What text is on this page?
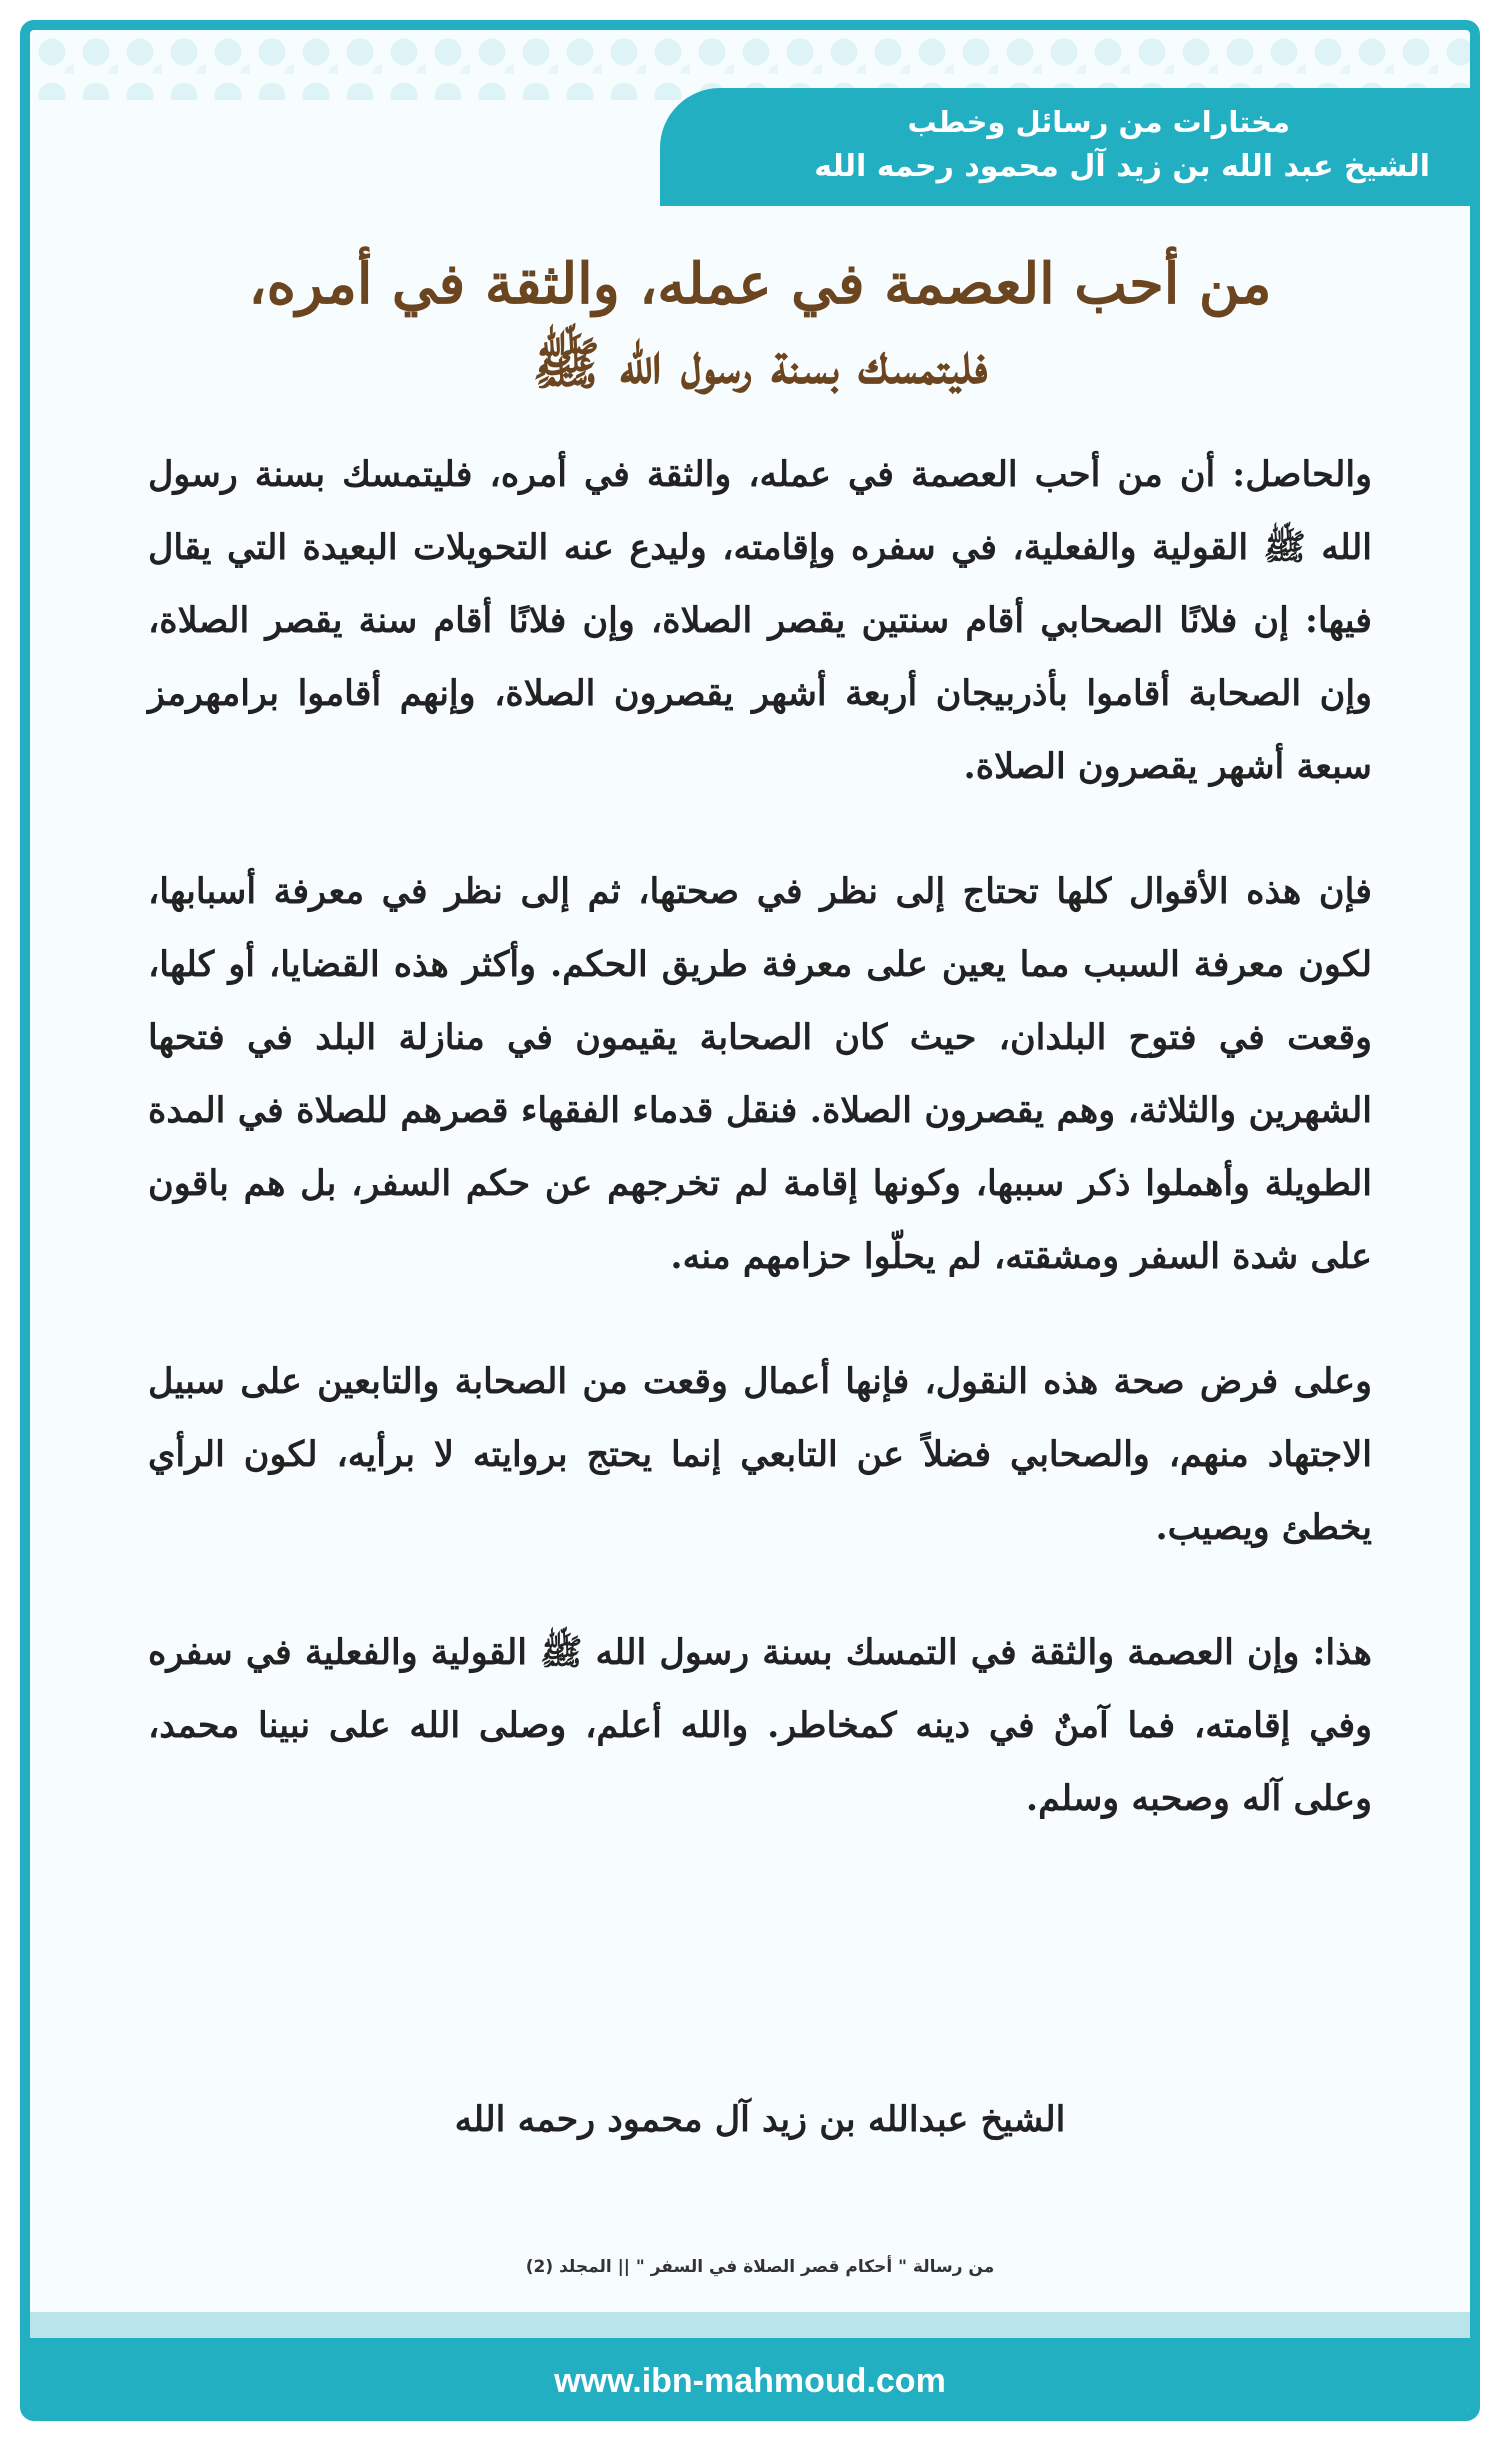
مختارات من رسائل وخطب
الشيخ عبد الله بن زيد آل محمود رحمه الله
من أحب العصمة في عمله، والثقة في أمره،
فليتمسك بسنة رسول الله ﷺ

والحاصل: أن من أحب العصمة في عمله، والثقة في أمره، فليتمسك بسنة رسول الله ﷺ القولية والفعلية، في سفره وإقامته، وليدع عنه التحويلات البعيدة التي يقال فيها: إن فلانًا الصحابي أقام سنتين يقصر الصلاة، وإن فلانًا أقام سنة يقصر الصلاة، وإن الصحابة أقاموا بأذربيجان أربعة أشهر يقصرون الصلاة، وإنهم أقاموا برامهرمز سبعة أشهر يقصرون الصلاة.

فإن هذه الأقوال كلها تحتاج إلى نظر في صحتها، ثم إلى نظر في معرفة أسبابها، لكون معرفة السبب مما يعين على معرفة طريق الحكم. وأكثر هذه القضايا، أو كلها، وقعت في فتوح البلدان، حيث كان الصحابة يقيمون في منازلة البلد في فتحها الشهرين والثلاثة، وهم يقصرون الصلاة. فنقل قدماء الفقهاء قصرهم للصلاة في المدة الطويلة وأهملوا ذكر سببها، وكونها إقامة لم تخرجهم عن حكم السفر، بل هم باقون على شدة السفر ومشقته، لم يحلّوا حزامهم منه.

وعلى فرض صحة هذه النقول، فإنها أعمال وقعت من الصحابة والتابعين على سبيل الاجتهاد منهم، والصحابي فضلاً عن التابعي إنما يحتج بروايته لا برأيه، لكون الرأي يخطئ ويصيب.

هذا: وإن العصمة والثقة في التمسك بسنة رسول الله ﷺ القولية والفعلية في سفره وفي إقامته، فما آمنٌ في دينه كمخاطر. والله أعلم، وصلى الله على نبينا محمد، وعلى آله وصحبه وسلم.

الشيخ عبدالله بن زيد آل محمود رحمه الله
من رسالة " أحكام قصر الصلاة في السفر " || المجلد (2)
www.ibn-mahmoud.com
